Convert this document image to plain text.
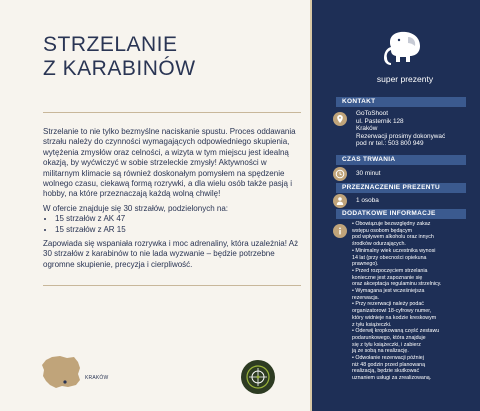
STRZELANIE
Z KARABINÓW

Strzelanie to nie tylko bezmyślne naciskanie spustu. Proces oddawania strzału należy do czynności wymagających odpowiedniego skupienia, wytężenia zmysłów oraz celności, a wizyta w tym miejscu jest idealną okazją, by wyćwiczyć w sobie strzeleckie zmysły! Aktywności w militarnym klimacie są również doskonałym pomysłem na spędzenie wolnego czasu, ciekawą formą rozrywki, a dla wielu osób także pasją i hobby, na które przeznaczają każdą wolną chwilę!

W ofercie znajduje się 30 strzałów, podzielonych na:

• 15 strzałów z AK 47
• 15 strzałów z AR 15

Zapowiada się wspaniała rozrywka i moc adrenaliny, która uzależnia! Aż 30 strzałów z karabinów to nie lada wyzwanie – będzie potrzebne ogromne skupienie, precyzja i cierpliwość.

KRAKÓW
super prezenty
KONTAKT
GoToShoot
ul. Pasternik 128
Kraków
Rezerwacji prosimy dokonywać
pod nr tel.: 503 800 949
CZAS TRWANIA
30 minut
PRZEZNACZENIE PREZENTU
1 osoba
DODATKOWE INFORMACJE
• Obowiązuje bezwzględny zakaz
wstępu osobom będącym
pod wpływem alkoholu oraz innych
środków odurzających.
• Minimalny wiek uczestnika wynosi
14 lat (przy obecności opiekuna
prawnego).
• Przed rozpoczęciem strzelania
konieczne jest zapoznanie się
oraz akceptacja regulaminu strzelnicy.
• Wymagana jest wcześniejsza
rezerwacja.
• Przy rezerwacji należy podać
organizatorowi 18-cyfrowy numer,
który widnieje na kodzie kreskowym
z tyłu książeczki.
• Oderwij kropkowaną część zestawu
podarunkowego, która znajduje
się z tyłu książeczki, i zabierz
ją ze sobą na realizację.
• Odwołanie rezerwacji później
niż 48 godzin przed planowaną
realizacją, będzie skutkować
uznaniem usługi za zrealizowaną.
